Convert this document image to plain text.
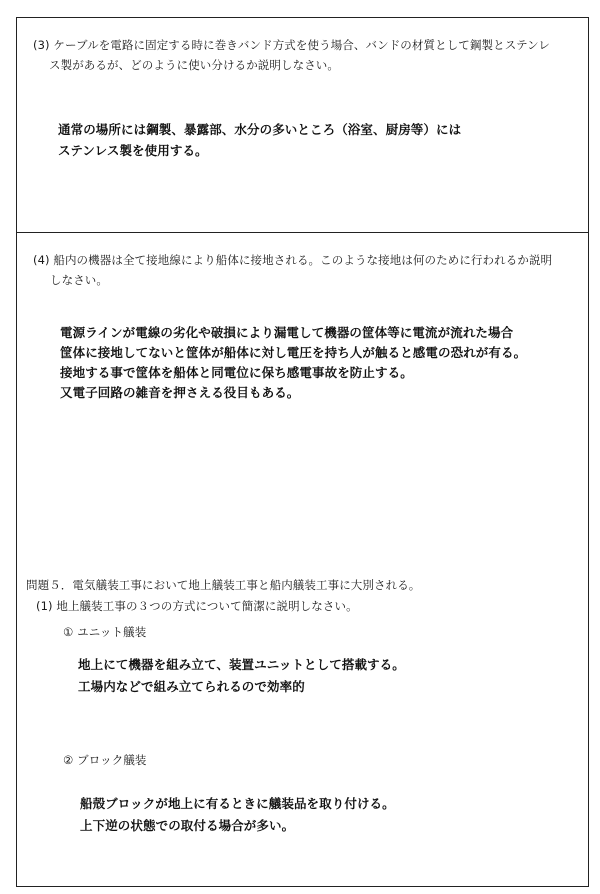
(3) ケーブルを電路に固定する時に巻きバンド方式を使う場合、バンドの材質として鋼製とステンレ
ス製があるが、どのように使い分けるか説明しなさい。
通常の場所には鋼製、暴露部、水分の多いところ（浴室、厨房等）には
ステンレス製を使用する。
(4) 船内の機器は全て接地線により船体に接地される。このような接地は何のために行われるか説明
しなさい。
電源ラインが電線の劣化や破損により漏電して機器の筐体等に電流が流れた場合
筐体に接地してないと筐体が船体に対し電圧を持ち人が触ると感電の恐れが有る。
接地する事で筐体を船体と同電位に保ち感電事故を防止する。
又電子回路の雑音を押さえる役目もある。
問題５．電気艤装工事において地上艤装工事と船内艤装工事に大別される。
(1) 地上艤装工事の３つの方式について簡潔に説明しなさい。
① ユニット艤装
地上にて機器を組み立て、装置ユニットとして搭載する。
工場内などで組み立てられるので効率的
② ブロック艤装
船殻ブロックが地上に有るときに艤装品を取り付ける。
上下逆の状態での取付る場合が多い。
